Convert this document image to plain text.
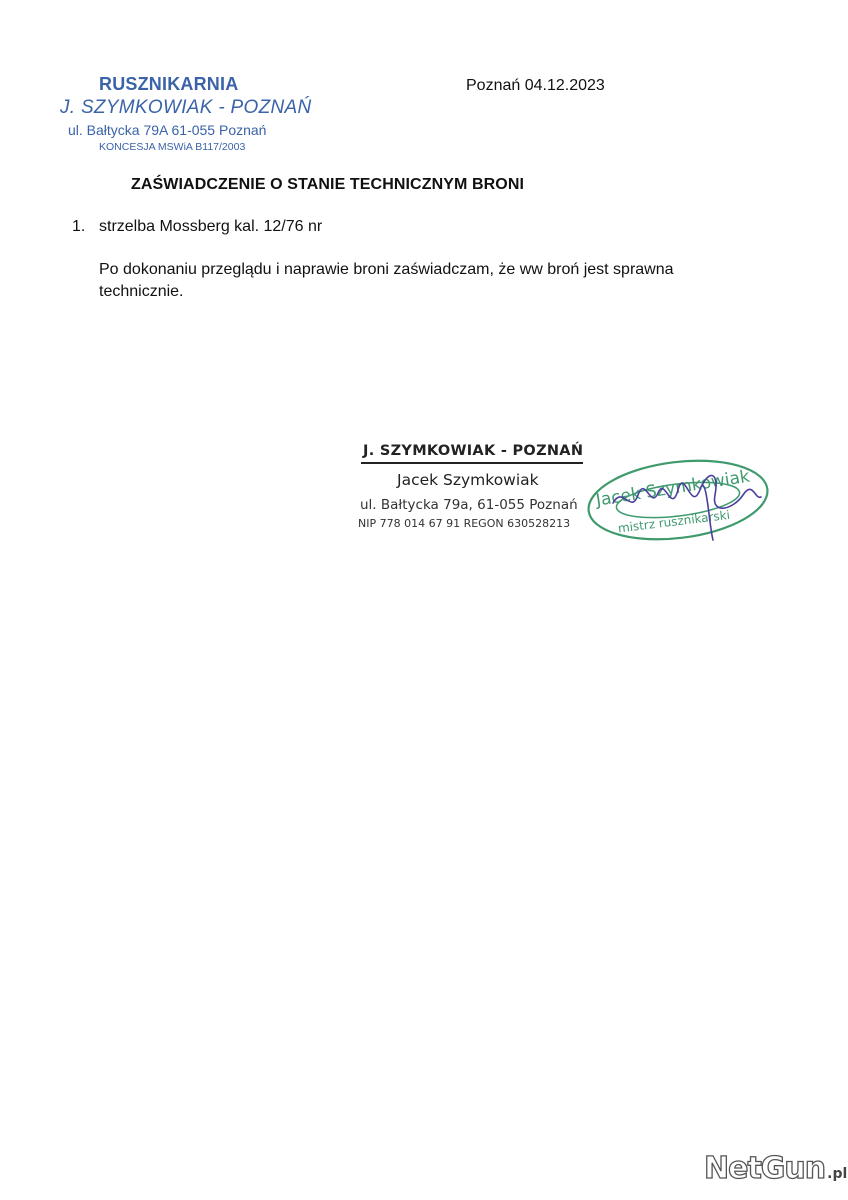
RUSZNIKARNIA
J. SZYMKOWIAK - POZNAŃ
ul. Bałtycka 79A 61-055 Poznań
KONCESJA MSWiA B117/2003
Poznań 04.12.2023
ZAŚWIADCZENIE O STANIE TECHNICZNYM BRONI
1. strzelba Mossberg kal. 12/76 nr
Po dokonaniu przeglądu i naprawie broni zaświadczam, że ww broń jest sprawna technicznie.
J. SZYMKOWIAK - POZNAŃ
Jacek Szymkowiak
ul. Bałtycka 79a, 61-055 Poznań
NIP 778 014 67 91 REGON 630528213
Jacek Szymkowiak
mistrz rusznikarski
NetGun .pl
